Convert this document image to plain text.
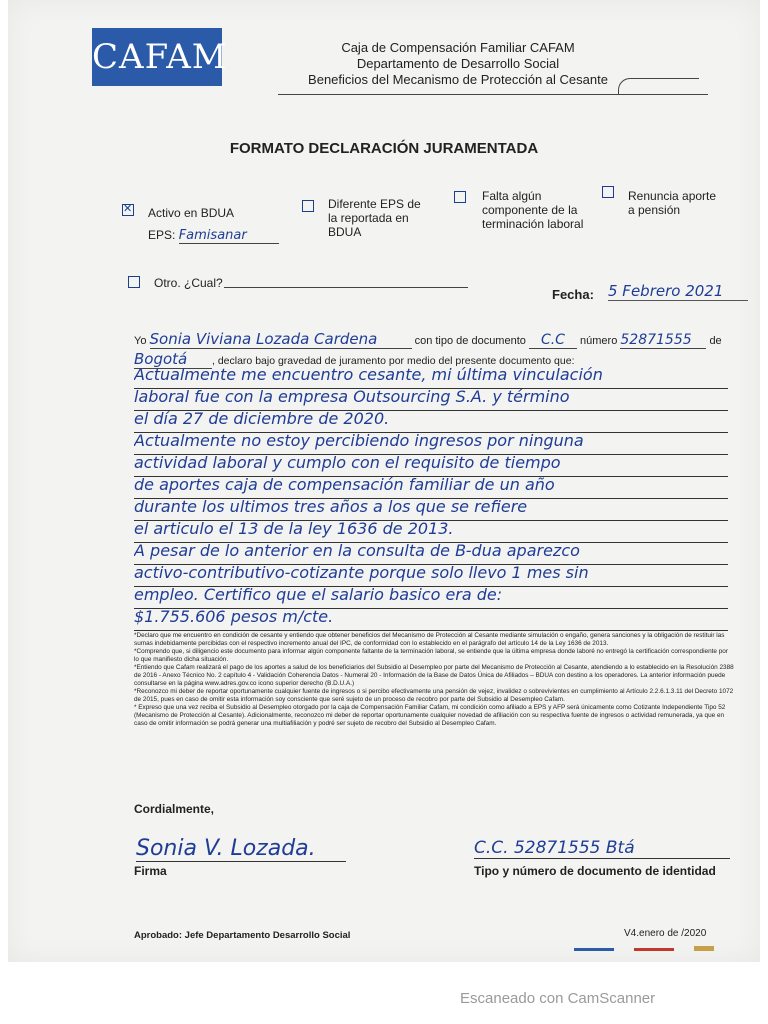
CAFAM	Caja de Compensación Familiar CAFAM
Departamento de Desarrollo Social
Beneficios del Mecanismo de Protección al Cesante
FORMATO DECLARACIÓN JURAMENTADA
✕
Activo en BDUA
EPS: Famisanar
Diferente EPS de
la reportada en
BDUA
Falta algún
componente de la
terminación laboral
Renuncia aporte
a pensión
Otro. ¿Cual?
Fecha: 5 Febrero 2021
Yo Sonia Viviana Lozada Cardena	con tipo de documento C.C número 52871555 de
Bogotá , declaro bajo gravedad de juramento por medio del presente documento que:
Actualmente me encuentro cesante, mi última vinculación
laboral fue con la empresa Outsourcing S.A. y término
el día 27 de diciembre de 2020.
Actualmente no estoy percibiendo ingresos por ninguna
actividad laboral y cumplo con el requisito de tiempo
de aportes caja de compensación familiar de un año
durante los ultimos tres años a los que se refiere
el articulo el 13 de la ley 1636 de 2013.
A pesar de lo anterior en la consulta de B-dua aparezco
activo-contributivo-cotizante porque solo llevo 1 mes sin
empleo. Certifico que el salario basico era de:
$1.755.606 pesos m/cte.

*Declaro que me encuentro en condición de cesante y entiendo que obtener beneficios del Mecanismo de Protección al Cesante mediante simulación o engaño, genera sanciones y la obligación de restituir las sumas indebidamente percibidas con el respectivo incremento anual del IPC, de conformidad con lo establecido en el parágrafo del artículo 14 de la Ley 1636 de 2013.

*Comprendo que, si diligencio este documento para informar algún componente faltante de la terminación laboral, se entiende que la última empresa donde laboré no entregó la certificación correspondiente por lo que manifiesto dicha situación.

*Entiendo que Cafam realizará el pago de los aportes a salud de los beneficiarios del Subsidio al Desempleo por parte del Mecanismo de Protección al Cesante, atendiendo a lo establecido en la Resolución 2388 de 2016 - Anexo Técnico No. 2 capítulo 4 - Validación Coherencia Datos - Numeral 20 - Información de la Base de Datos Única de Afiliados – BDUA con destino a los operadores. La anterior información puede consultarse en la página www.adres.gov.co icono superior derecho (B.D.U.A.)

*Reconozco mi deber de reportar oportunamente cualquier fuente de ingresos o si percibo efectivamente una pensión de vejez, invalidez o sobrevivientes en cumplimiento al Artículo 2.2.6.1.3.11 del Decreto 1072 de 2015, pues en caso de omitir esta información soy consciente que seré sujeto de un proceso de recobro por parte del Subsidio al Desempleo Cafam.

* Expreso que una vez reciba el Subsidio al Desempleo otorgado por la caja de Compensación Familiar Cafam, mi condición como afiliado a EPS y AFP será únicamente como Cotizante Independiente Tipo 52 (Mecanismo de Protección al Cesante). Adicionalmente, reconozco mi deber de reportar oportunamente cualquier novedad de afiliación con su respectiva fuente de ingresos o actividad remunerada, ya que en caso de omitir información se podrá generar una multiafiliación y podré ser sujeto de recobro del Subsidio al Desempleo Cafam.

Cordialmente,
Sonia V. Lozada.
Firma
C.C. 52871555 Btá
Tipo y número de documento de identidad
Aprobado: Jefe Departamento Desarrollo Social	V4.enero de /2020
Escaneado con CamScanner
